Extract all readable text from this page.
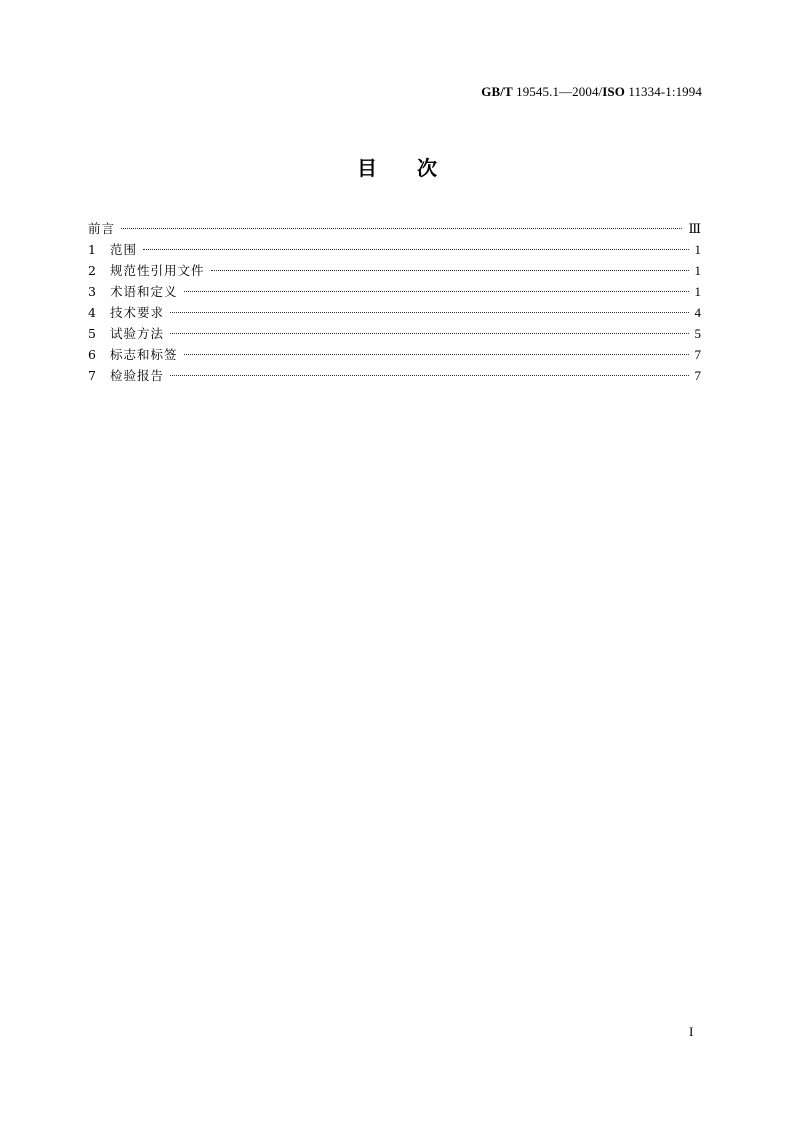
GB/T 19545.1—2004/ISO 11334-1:1994
目次
前言	Ⅲ
1	范围	1
2	规范性引用文件	1
3	术语和定义	1
4	技术要求	4
5	试验方法	5
6	标志和标签	7
7	检验报告	7
I
